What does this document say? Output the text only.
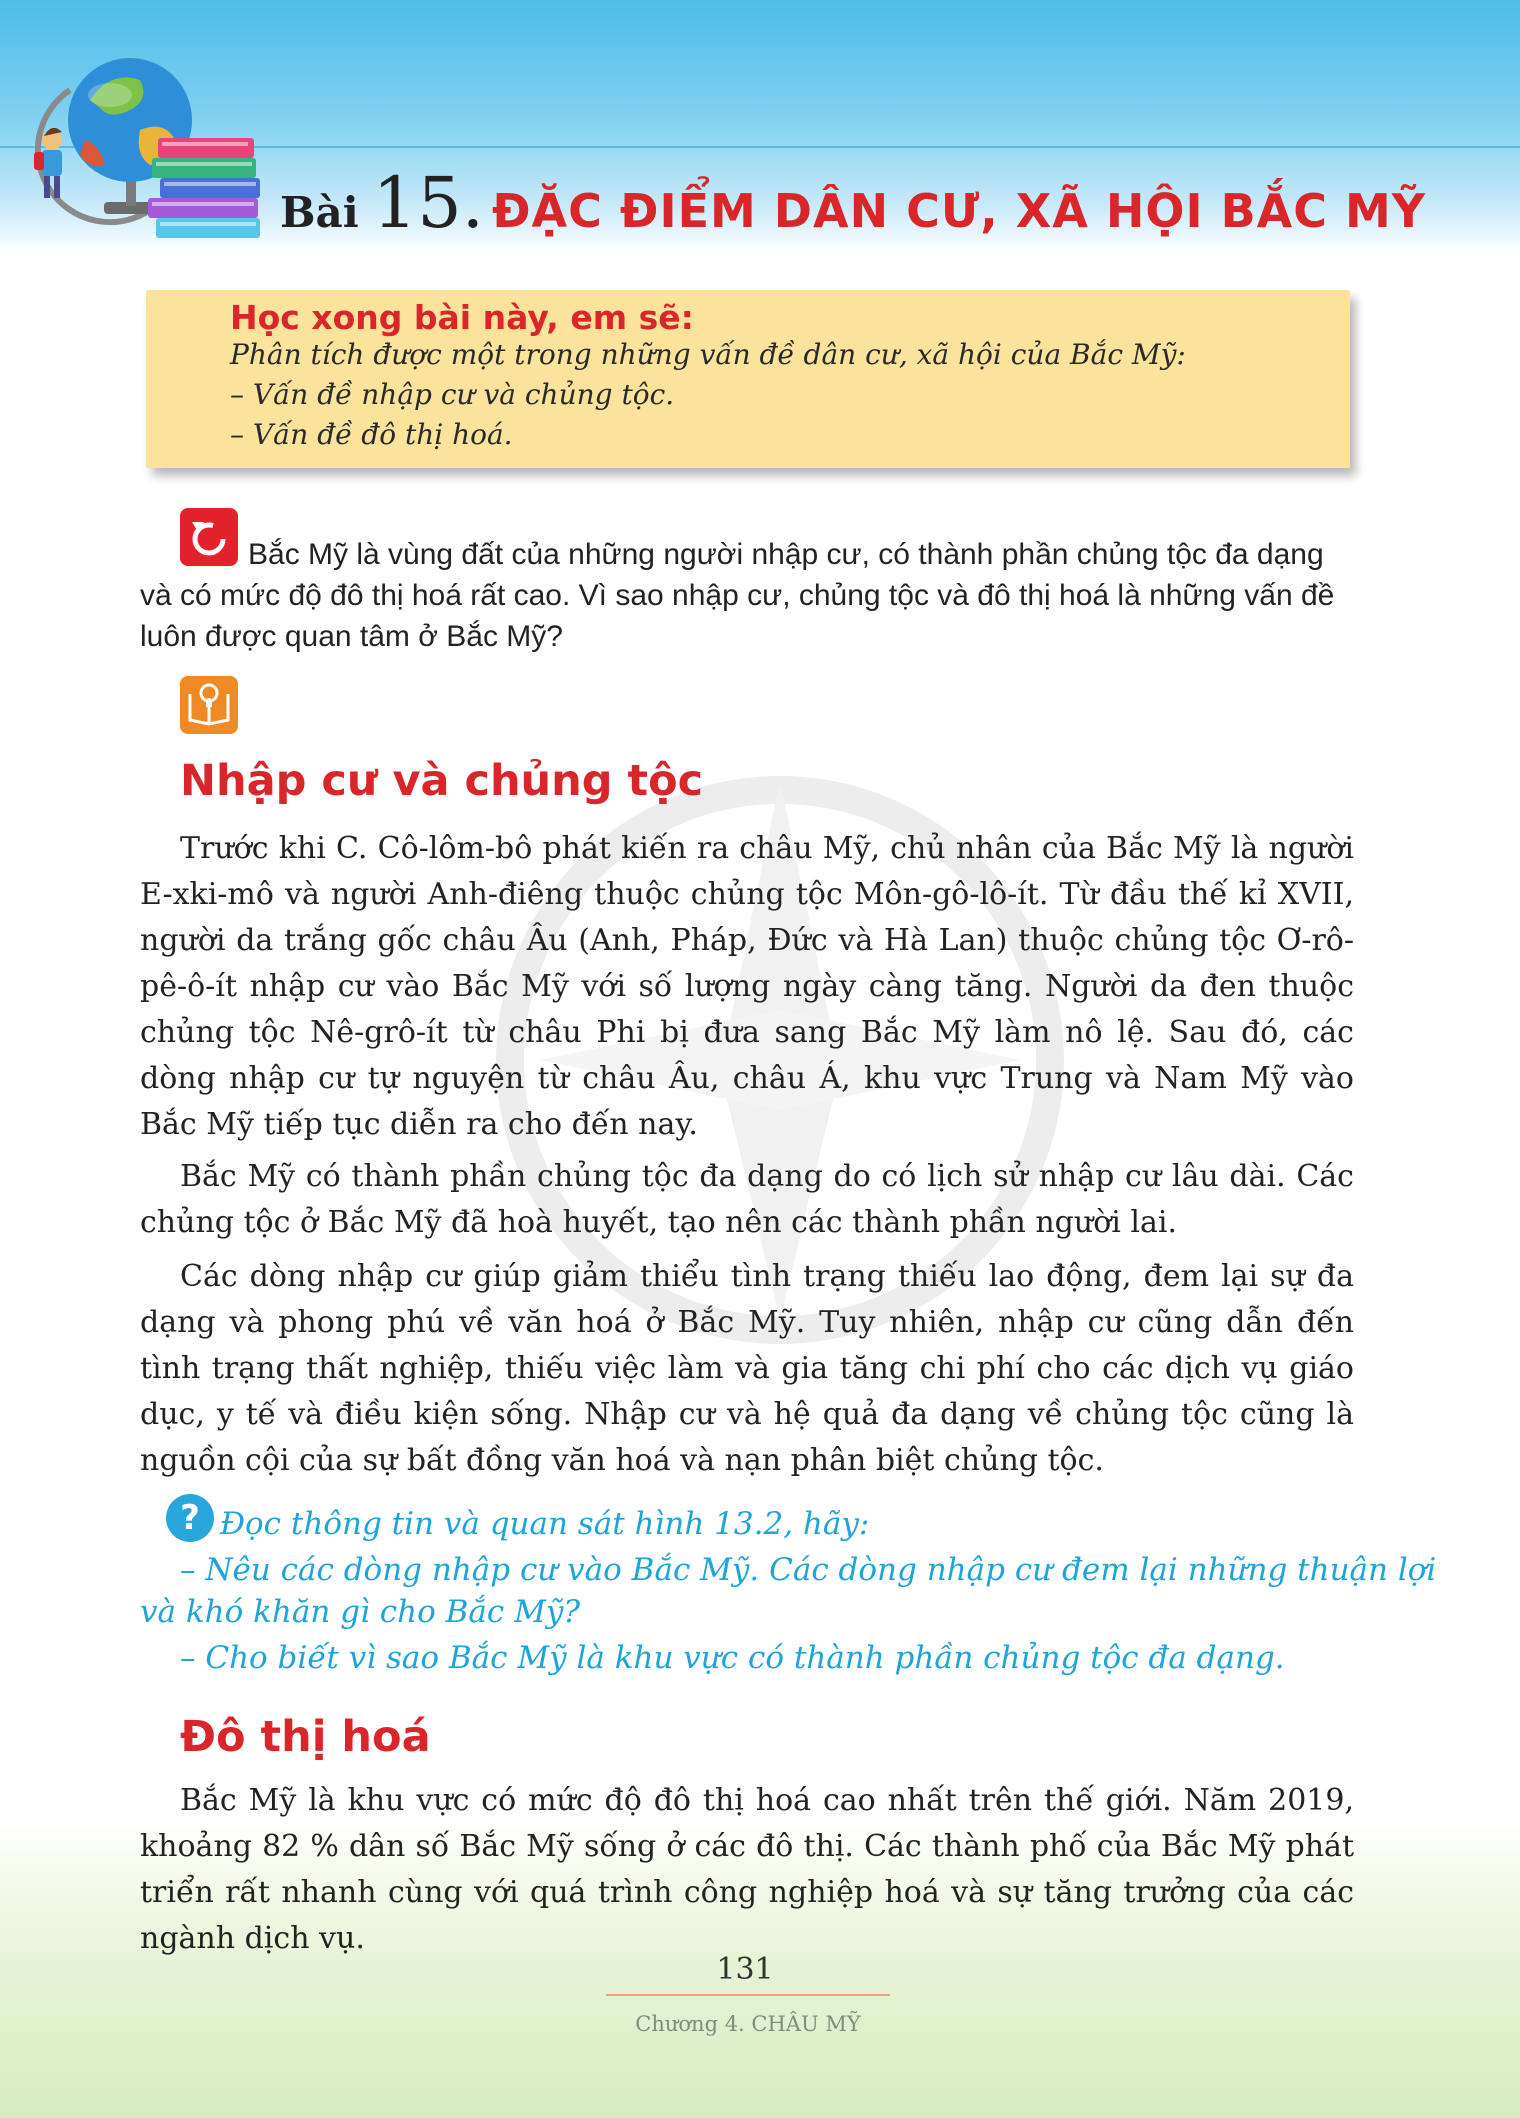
Bài 15. ĐẶC ĐIỂM DÂN CƯ, XÃ HỘI BẮC MỸ
Học xong bài này, em sẽ:
Phân tích được một trong những vấn đề dân cư, xã hội của Bắc Mỹ:
– Vấn đề nhập cư và chủng tộc.
– Vấn đề đô thị hoá.
Bắc Mỹ là vùng đất của những người nhập cư, có thành phần chủng tộc đa dạng và có mức độ đô thị hoá rất cao. Vì sao nhập cư, chủng tộc và đô thị hoá là những vấn đề luôn được quan tâm ở Bắc Mỹ?
Nhập cư và chủng tộc
Trước khi C. Cô-lôm-bô phát kiến ra châu Mỹ, chủ nhân của Bắc Mỹ là người E-xki-mô và người Anh-điêng thuộc chủng tộc Môn-gô-lô-ít. Từ đầu thế kỉ XVII, người da trắng gốc châu Âu (Anh, Pháp, Đức và Hà Lan) thuộc chủng tộc Ơ-rô-pê-ô-ít nhập cư vào Bắc Mỹ với số lượng ngày càng tăng. Người da đen thuộc chủng tộc Nê-grô-ít từ châu Phi bị đưa sang Bắc Mỹ làm nô lệ. Sau đó, các dòng nhập cư tự nguyện từ châu Âu, châu Á, khu vực Trung và Nam Mỹ vào Bắc Mỹ tiếp tục diễn ra cho đến nay.
Bắc Mỹ có thành phần chủng tộc đa dạng do có lịch sử nhập cư lâu dài. Các chủng tộc ở Bắc Mỹ đã hoà huyết, tạo nên các thành phần người lai.
Các dòng nhập cư giúp giảm thiểu tình trạng thiếu lao động, đem lại sự đa dạng và phong phú về văn hoá ở Bắc Mỹ. Tuy nhiên, nhập cư cũng dẫn đến tình trạng thất nghiệp, thiếu việc làm và gia tăng chi phí cho các dịch vụ giáo dục, y tế và điều kiện sống. Nhập cư và hệ quả đa dạng về chủng tộc cũng là nguồn cội của sự bất đồng văn hoá và nạn phân biệt chủng tộc.
? Đọc thông tin và quan sát hình 13.2, hãy:
– Nêu các dòng nhập cư vào Bắc Mỹ. Các dòng nhập cư đem lại những thuận lợi
và khó khăn gì cho Bắc Mỹ?
– Cho biết vì sao Bắc Mỹ là khu vực có thành phần chủng tộc đa dạng.
Đô thị hoá
Bắc Mỹ là khu vực có mức độ đô thị hoá cao nhất trên thế giới. Năm 2019, khoảng 82 % dân số Bắc Mỹ sống ở các đô thị. Các thành phố của Bắc Mỹ phát triển rất nhanh cùng với quá trình công nghiệp hoá và sự tăng trưởng của các ngành dịch vụ.
131
Chương 4. CHÂU MỸ
